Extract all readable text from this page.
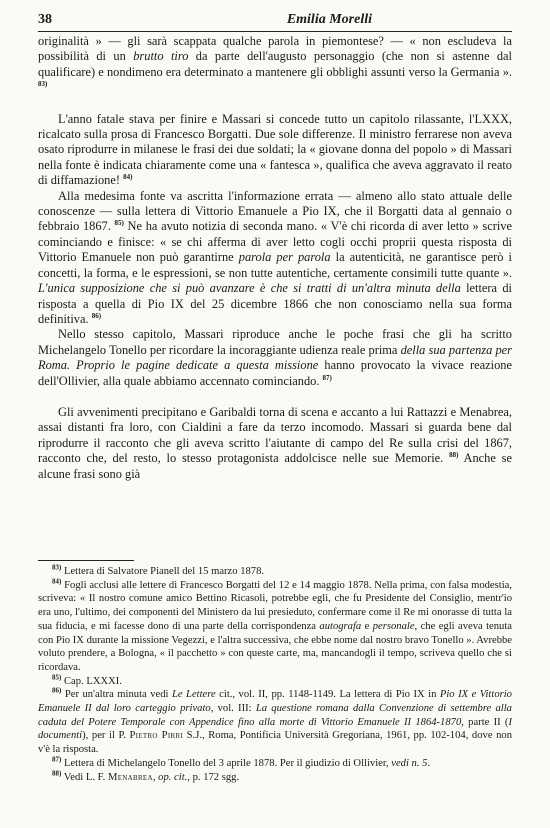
38	Emilia Morelli

originalità » — gli sarà scappata qualche parola in piemontese? — « non escludeva la possibilità di un brutto tiro da parte dell'augusto personaggio (che non si astenne dal qualificare) e nondimeno era determinato a mantenere gli obblighi assunti verso la Germania ». $^{83)}$

L'anno fatale stava per finire e Massari si concede tutto un capitolo rilassante, l'LXXX, ricalcato sulla prosa di Francesco Borgatti. Due sole differenze. Il ministro ferrarese non aveva osato riprodurre in milanese le frasi dei due soldati; la « giovane donna del popolo » di Massari nella fonte è indicata chiaramente come una « fantesca », qualifica che aveva aggravato il reato di diffamazione! $^{84)}$

Alla medesima fonte va ascritta l'informazione errata — almeno allo stato attuale delle conoscenze — sulla lettera di Vittorio Emanuele a Pio IX, che il Borgatti data al gennaio o febbraio 1867. $^{85)}$ Ne ha avuto notizia di seconda mano. « V'è chi ricorda di aver letto » scrive cominciando e finisce: « se chi afferma di aver letto cogli occhi proprii questa risposta di Vittorio Emanuele non può garantirne parola per parola la autenticità, ne garantisce però i concetti, la forma, e le espressioni, se non tutte autentiche, certamente consimili tutte quante ». L'unica supposizione che si può avanzare è che si tratti di un'altra minuta della lettera di risposta a quella di Pio IX del 25 dicembre 1866 che non conosciamo nella sua forma definitiva. $^{86)}$

Nello stesso capitolo, Massari riproduce anche le poche frasi che gli ha scritto Michelangelo Tonello per ricordare la incoraggiante udienza reale prima della sua partenza per Roma. Proprio le pagine dedicate a questa missione hanno provocato la vivace reazione dell'Ollivier, alla quale abbiamo accennato cominciando. $^{87)}$

Gli avvenimenti precipitano e Garibaldi torna di scena e accanto a lui Rattazzi e Menabrea, assai distanti fra loro, con Cialdini a fare da terzo incomodo. Massari si guarda bene dal riprodurre il racconto che gli aveva scritto l'aiutante di campo del Re sulla crisi del 1867, racconto che, del resto, lo stesso protagonista addolcisce nelle sue Memorie. $^{88)}$ Anche se alcune frasi sono già

$^{83)}$ Lettera di Salvatore Pianell del 15 marzo 1878.

$^{84)}$ Fogli acclusi alle lettere di Francesco Borgatti del 12 e 14 maggio 1878. Nella prima, con falsa modestia, scriveva: « Il nostro comune amico Bettino Ricasoli, potrebbe egli, che fu Presidente del Consiglio, mentr'io era uno, l'ultimo, dei componenti del Ministero da lui presieduto, confermare come il Re mi onorasse di tutta la sua fiducia, e mi facesse dono di una parte della corrispondenza autografa e personale, che egli aveva tenuta con Pio IX durante la missione Vegezzi, e l'altra successiva, che ebbe nome dal nostro bravo Tonello ». Avrebbe voluto prendere, a Bologna, « il pacchetto » con queste carte, ma, mancandogli il tempo, scriveva quello che si ricordava.

$^{85)}$ Cap. LXXXI.

$^{86)}$ Per un'altra minuta vedi Le Lettere cit., vol. II, pp. 1148-1149. La lettera di Pio IX in Pio IX e Vittorio Emanuele II dal loro carteggio privato, vol. III: La questione romana dalla Convenzione di settembre alla caduta del Potere Temporale con Appendice fino alla morte di Vittorio Emanuele II 1864-1870, parte II (I documenti), per il P. Pietro Pirri S.J., Roma, Pontificia Università Gregoriana, 1961, pp. 102-104, dove non v'è la risposta.

$^{87)}$ Lettera di Michelangelo Tonello del 3 aprile 1878. Per il giudizio di Ollivier, vedi n. 5.

$^{88)}$ Vedi L. F. Menabrea, op. cit., p. 172 sgg.
